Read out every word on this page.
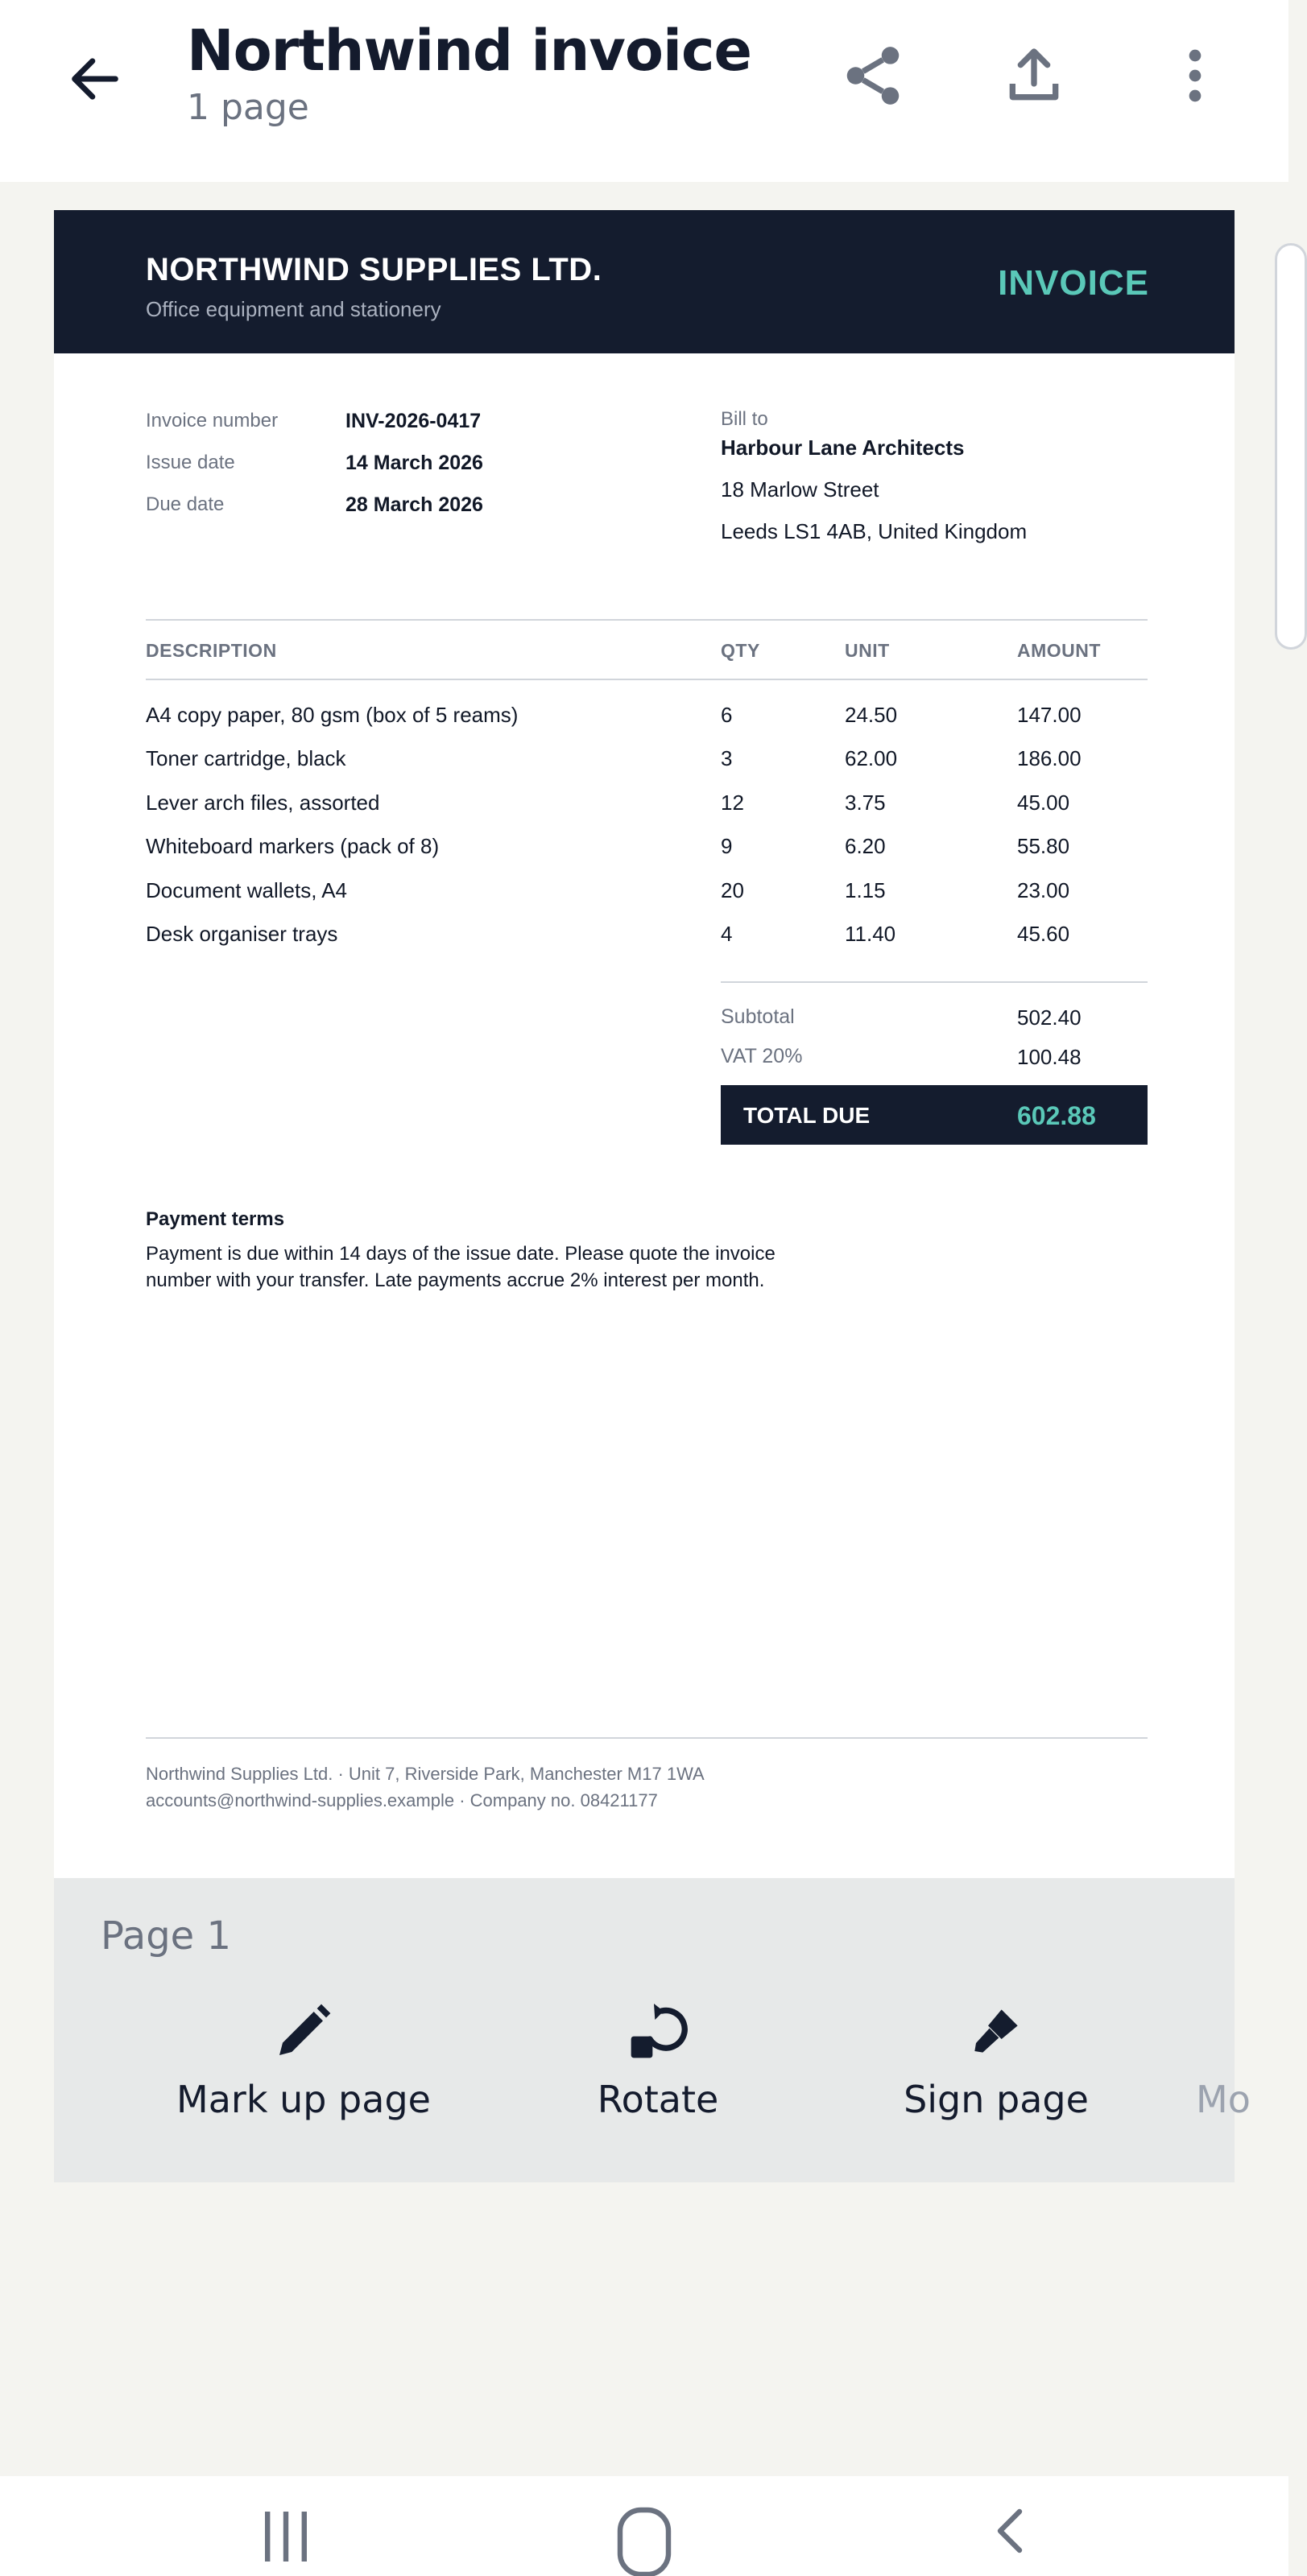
Northwind invoice
1 page
NORTHWIND SUPPLIES LTD.
Office equipment and stationery
INVOICE
Invoice number	INV-2026-0417
Issue date	14 March 2026
Due date	28 March 2026
Bill to
Harbour Lane Architects
18 Marlow Street
Leeds LS1 4AB, United Kingdom
DESCRIPTION	QTY	UNIT	AMOUNT
A4 copy paper, 80 gsm (box of 5 reams)	6	24.50	147.00
Toner cartridge, black	3	62.00	186.00
Lever arch files, assorted	12	3.75	45.00
Whiteboard markers (pack of 8)	9	6.20	55.80
Document wallets, A4	20	1.15	23.00
Desk organiser trays	4	11.40	45.60
Subtotal	502.40
VAT 20%	100.48
TOTAL DUE	602.88
Payment terms
Payment is due within 14 days of the issue date. Please quote the invoice number with your transfer. Late payments accrue 2% interest per month.
Northwind Supplies Ltd. · Unit 7, Riverside Park, Manchester M17 1WA
accounts@northwind-supplies.example · Company no. 08421177
Page 1
Mark up page	Rotate	Sign page	Mo
